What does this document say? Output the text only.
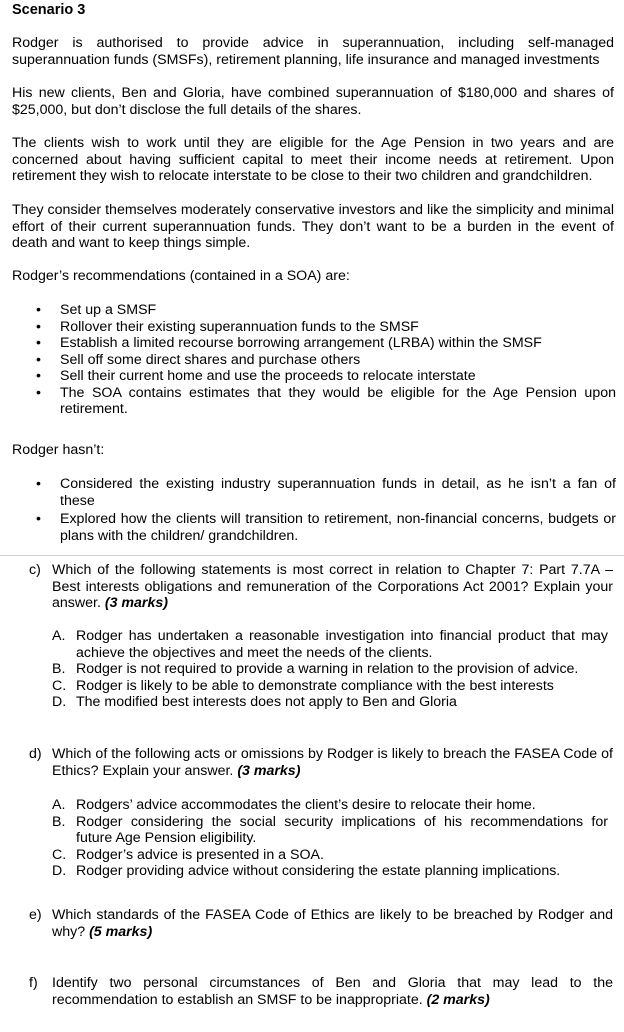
Scenario 3
Rodger is authorised to provide advice in superannuation, including self-managed superannuation funds (SMSFs), retirement planning, life insurance and managed investments
His new clients, Ben and Gloria, have combined superannuation of $180,000 and shares of $25,000, but don’t disclose the full details of the shares.
The clients wish to work until they are eligible for the Age Pension in two years and are concerned about having sufficient capital to meet their income needs at retirement. Upon retirement they wish to relocate interstate to be close to their two children and grandchildren.
They consider themselves moderately conservative investors and like the simplicity and minimal effort of their current superannuation funds. They don’t want to be a burden in the event of death and want to keep things simple.
Rodger’s recommendations (contained in a SOA) are:
• Set up a SMSF
• Rollover their existing superannuation funds to the SMSF
• Establish a limited recourse borrowing arrangement (LRBA) within the SMSF
• Sell off some direct shares and purchase others
• Sell their current home and use the proceeds to relocate interstate
• The SOA contains estimates that they would be eligible for the Age Pension upon retirement.
Rodger hasn’t:
• Considered the existing industry superannuation funds in detail, as he isn’t a fan of these
• Explored how the clients will transition to retirement, non-financial concerns, budgets or plans with the children/ grandchildren.
c) Which of the following statements is most correct in relation to Chapter 7: Part 7.7A – Best interests obligations and remuneration of the Corporations Act 2001? Explain your answer. (3 marks)
A. Rodger has undertaken a reasonable investigation into financial product that may achieve the objectives and meet the needs of the clients.
B. Rodger is not required to provide a warning in relation to the provision of advice.
C. Rodger is likely to be able to demonstrate compliance with the best interests
D. The modified best interests does not apply to Ben and Gloria
d) Which of the following acts or omissions by Rodger is likely to breach the FASEA Code of Ethics? Explain your answer. (3 marks)
A. Rodgers’ advice accommodates the client’s desire to relocate their home.
B. Rodger considering the social security implications of his recommendations for future Age Pension eligibility.
C. Rodger’s advice is presented in a SOA.
D. Rodger providing advice without considering the estate planning implications.
e) Which standards of the FASEA Code of Ethics are likely to be breached by Rodger and why? (5 marks)
f) Identify two personal circumstances of Ben and Gloria that may lead to the recommendation to establish an SMSF to be inappropriate. (2 marks)
